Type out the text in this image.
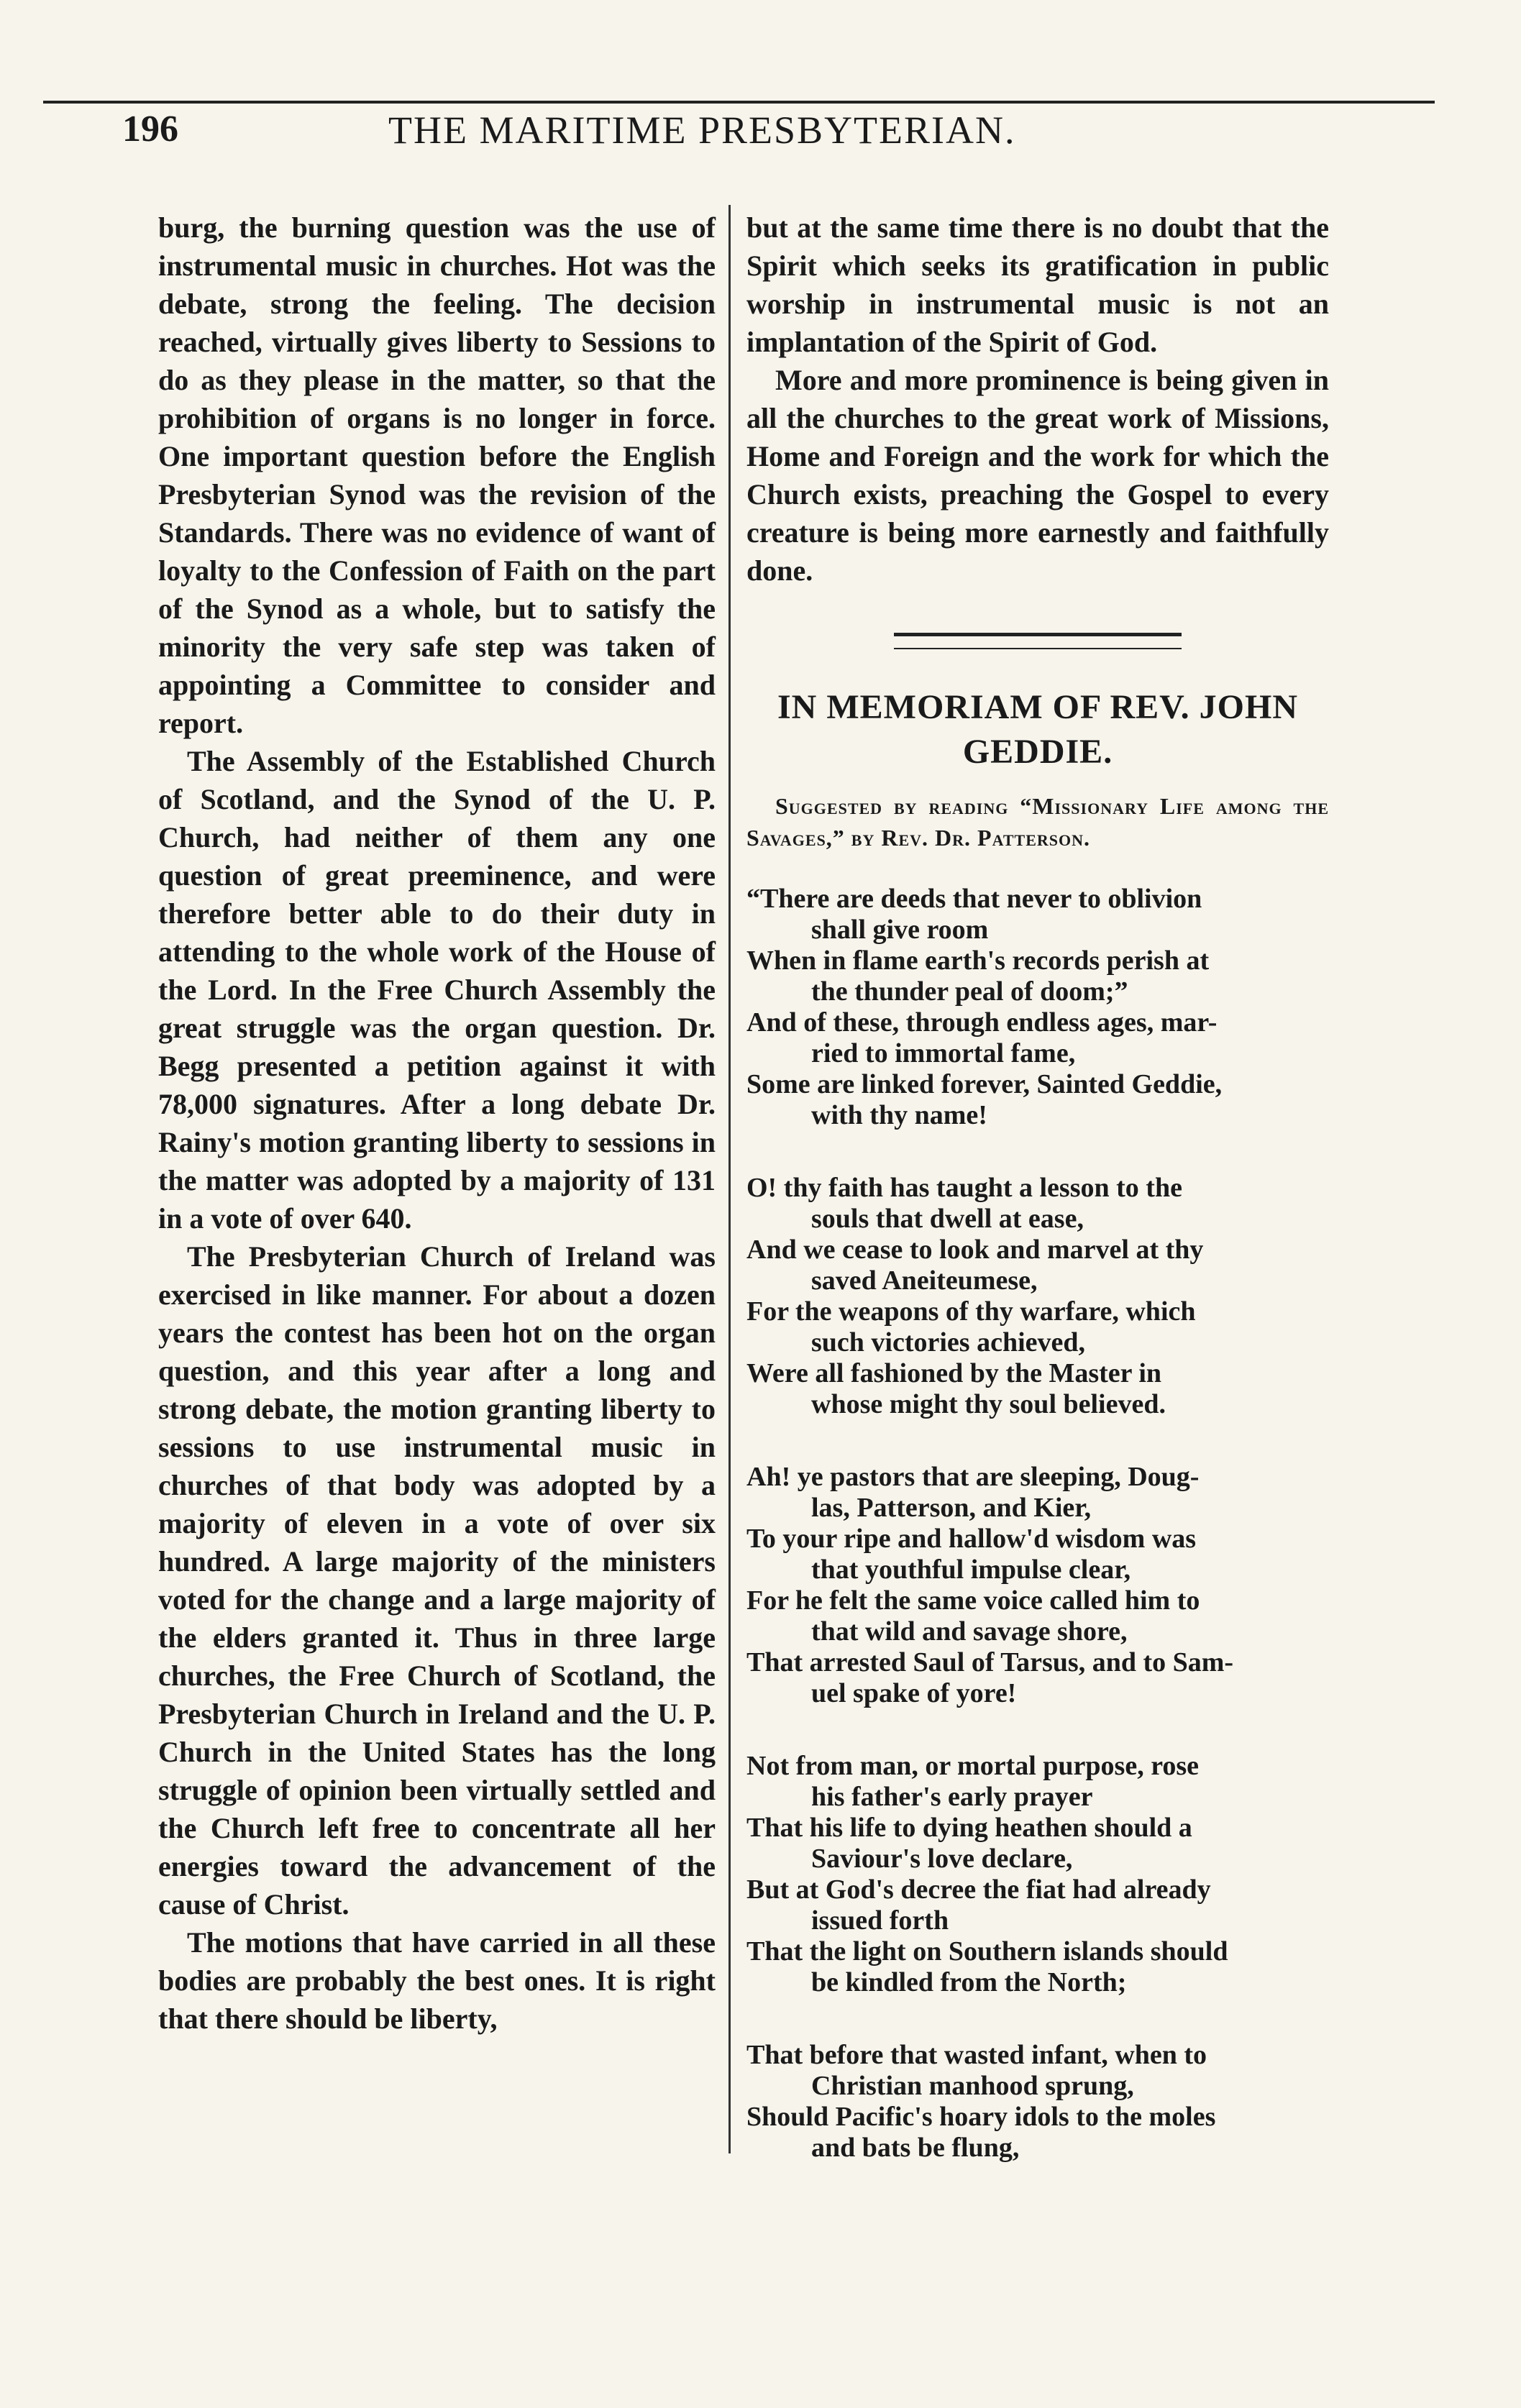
196	THE MARITIME PRESBYTERIAN.

burg, the burning question was the use of instrumental music in churches. Hot was the debate, strong the feeling. The decision reached, virtually gives liberty to Sessions to do as they please in the matter, so that the prohibition of organs is no longer in force. One important question before the English Presbyterian Synod was the revision of the Standards. There was no evidence of want of loyalty to the Confession of Faith on the part of the Synod as a whole, but to satisfy the minority the very safe step was taken of appointing a Committee to consider and report.

The Assembly of the Established Church of Scotland, and the Synod of the U. P. Church, had neither of them any one question of great preeminence, and were therefore better able to do their duty in attending to the whole work of the House of the Lord. In the Free Church Assembly the great struggle was the organ question. Dr. Begg presented a petition against it with 78,000 signatures. After a long debate Dr. Rainy's motion granting liberty to sessions in the matter was adopted by a majority of 131 in a vote of over 640.

The Presbyterian Church of Ireland was exercised in like manner. For about a dozen years the contest has been hot on the organ question, and this year after a long and strong debate, the motion granting liberty to sessions to use instrumental music in churches of that body was adopted by a majority of eleven in a vote of over six hundred. A large majority of the ministers voted for the change and a large majority of the elders granted it. Thus in three large churches, the Free Church of Scotland, the Presbyterian Church in Ireland and the U. P. Church in the United States has the long struggle of opinion been virtually settled and the Church left free to concentrate all her energies toward the advancement of the cause of Christ.

The motions that have carried in all these bodies are probably the best ones. It is right that there should be liberty,

but at the same time there is no doubt that the Spirit which seeks its gratification in public worship in instrumental music is not an implantation of the Spirit of God.

More and more prominence is being given in all the churches to the great work of Missions, Home and Foreign and the work for which the Church exists, preaching the Gospel to every creature is being more earnestly and faithfully done.

IN MEMORIAM OF REV. JOHN GEDDIE.

Suggested by reading “Missionary Life among the Savages,” by Rev. Dr. Patterson.

“There are deeds that never to oblivion
shall give room
When in flame earth's records perish at
the thunder peal of doom;”
And of these, through endless ages, mar-
ried to immortal fame,
Some are linked forever, Sainted Geddie,
with thy name!
O! thy faith has taught a lesson to the
souls that dwell at ease,
And we cease to look and marvel at thy
saved Aneiteumese,
For the weapons of thy warfare, which
such victories achieved,
Were all fashioned by the Master in
whose might thy soul believed.
Ah! ye pastors that are sleeping, Doug-
las, Patterson, and Kier,
To your ripe and hallow'd wisdom was
that youthful impulse clear,
For he felt the same voice called him to
that wild and savage shore,
That arrested Saul of Tarsus, and to Sam-
uel spake of yore!
Not from man, or mortal purpose, rose
his father's early prayer
That his life to dying heathen should a
Saviour's love declare,
But at God's decree the fiat had already
issued forth
That the light on Southern islands should
be kindled from the North;
That before that wasted infant, when to
Christian manhood sprung,
Should Pacific's hoary idols to the moles
and bats be flung,
